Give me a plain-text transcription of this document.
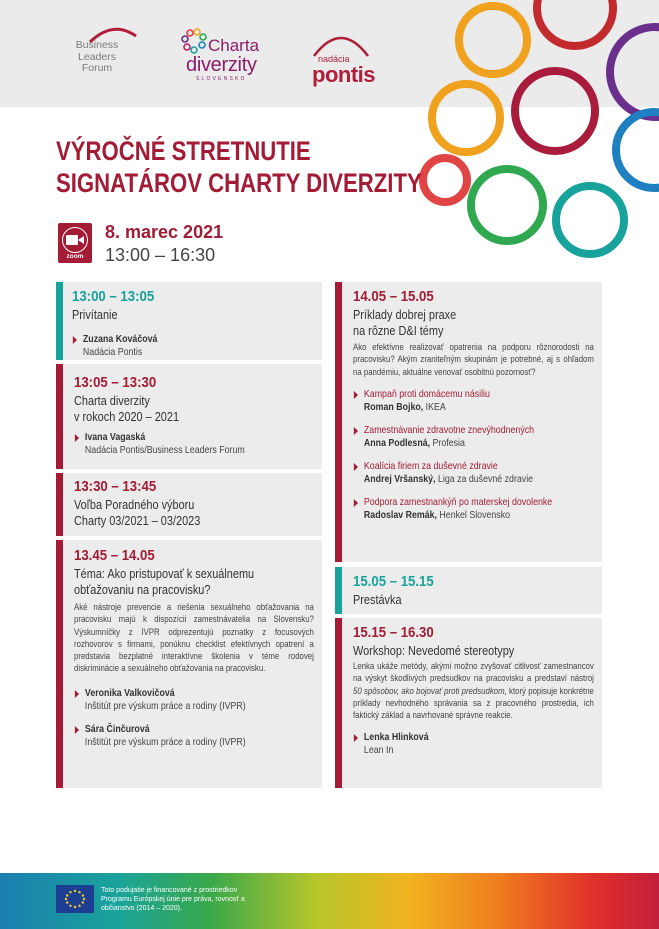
Business
Leaders
Forum
Charta
diverzity
SLOVENSKO
nadácia
pontis
VÝROČNÉ STRETNUTIE
SIGNATÁROV CHARTY DIVERZITY
zoom
8. marec 2021
13:00 – 16:30
13:00 – 13:05
Privítanie
Zuzana Kováčová
Nadácia Pontis
13:05 – 13:30
Charta diverzity
v rokoch 2020 – 2021
Ivana Vagaská
Nadácia Pontis/Business Leaders Forum
13:30 – 13:45
Voľba Poradného výboru
Charty 03/2021 – 03/2023
13.45 – 14.05
Téma: Ako pristupovať k sexuálnemu
obťažovaniu na pracovisku?
Aké nástroje prevencie a riešenia sexuálneho obťažovania na pracovisku majú k dispozícii zamestnávatelia na Slovensku? Výskumníčky z IVPR odprezentujú poznatky z focusových rozhovorov s firmami, ponúknu checklist efektívnych opatrení a predstavia bezplatné interaktívne školenia v téme rodovej diskriminácie a sexuálneho obťažovania na pracovisku.
Veronika Valkovičová
Inštitút pre výskum práce a rodiny (IVPR)
Sára Činčurová
Inštitút pre výskum práce a rodiny (IVPR)
14.05 – 15.05
Príklady dobrej praxe
na rôzne D&I témy
Ako efektívne realizovať opatrenia na podporu rôznorodosti na pracovisku? Akým zraniteľným skupinám je potrebné, aj s ohľadom na pandémiu, aktuálne venovať osobitnú pozornosť?
Kampaň proti domácemu násiliu
Roman Bojko, IKEA
Zamestnávanie zdravotne znevýhodnených
Anna Podlesná, Profesia
Koalícia firiem za duševné zdravie
Andrej Vršanský, Liga za duševné zdravie
Podpora zamestnankýň po materskej dovolenke
Radoslav Remák, Henkel Slovensko
15.05 – 15.15
Prestávka
15.15 – 16.30
Workshop: Nevedomé stereotypy
Lenka ukáže metódy, akými možno zvyšovať citlivosť zamestnancov na výskyt škodlivých predsudkov na pracovisku a predstaví nástroj 50 spôsobov, ako bojovať proti predsudkom, ktorý popisuje konkrétne príklady nevhodného správania sa z pracovného prostredia, ich faktický základ a navrhované správne reakcie.
Lenka Hlinková
Lean In
Toto podujatie je financované z prostriedkov Programu Európskej únie pre práva, rovnosť a občianstvo (2014 – 2020).
